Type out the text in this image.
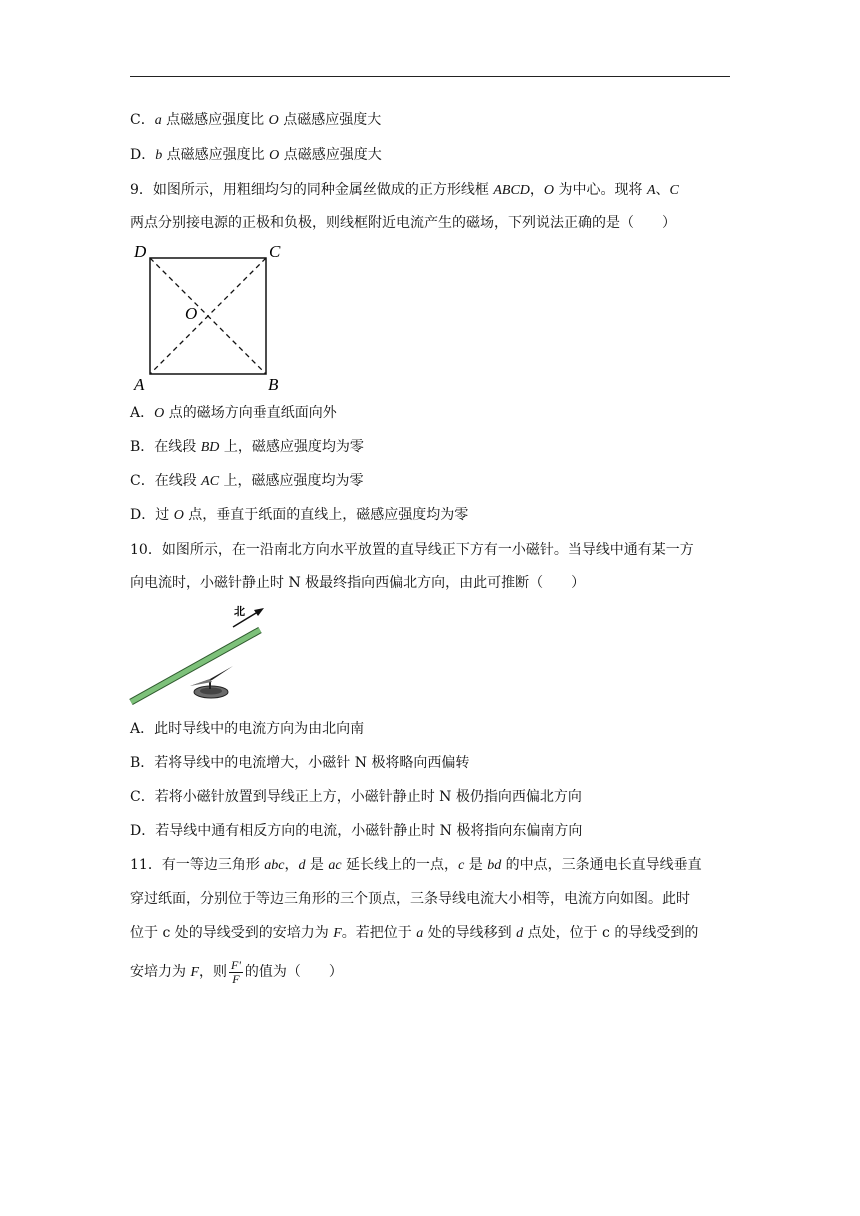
C．a 点磁感应强度比 O 点磁感应强度大
D．b 点磁感应强度比 O 点磁感应强度大
9．如图所示，用粗细均匀的同种金属丝做成的正方形线框 ABCD，O 为中心。现将 A、C
两点分别接电源的正极和负极，则线框附近电流产生的磁场，下列说法正确的是（　　）
D	C
A	B
O
A．O 点的磁场方向垂直纸面向外
B．在线段 BD 上，磁感应强度均为零
C．在线段 AC 上，磁感应强度均为零
D．过 O 点，垂直于纸面的直线上，磁感应强度均为零
10．如图所示，在一沿南北方向水平放置的直导线正下方有一小磁针。当导线中通有某一方
向电流时，小磁针静止时 N 极最终指向西偏北方向，由此可推断（　　）
北
A．此时导线中的电流方向为由北向南
B．若将导线中的电流增大，小磁针 N 极将略向西偏转
C．若将小磁针放置到导线正上方，小磁针静止时 N 极仍指向西偏北方向
D．若导线中通有相反方向的电流，小磁针静止时 N 极将指向东偏南方向
11．有一等边三角形 abc，d 是 ac 延长线上的一点，c 是 bd 的中点，三条通电长直导线垂直
穿过纸面，分别位于等边三角形的三个顶点，三条导线电流大小相等，电流方向如图。此时
位于 c 处的导线受到的安培力为 F。若把位于 a 处的导线移到 d 点处，位于 c 的导线受到的
安培力为 F，则 $\frac{F'}{F}$ 的值为（　　）
